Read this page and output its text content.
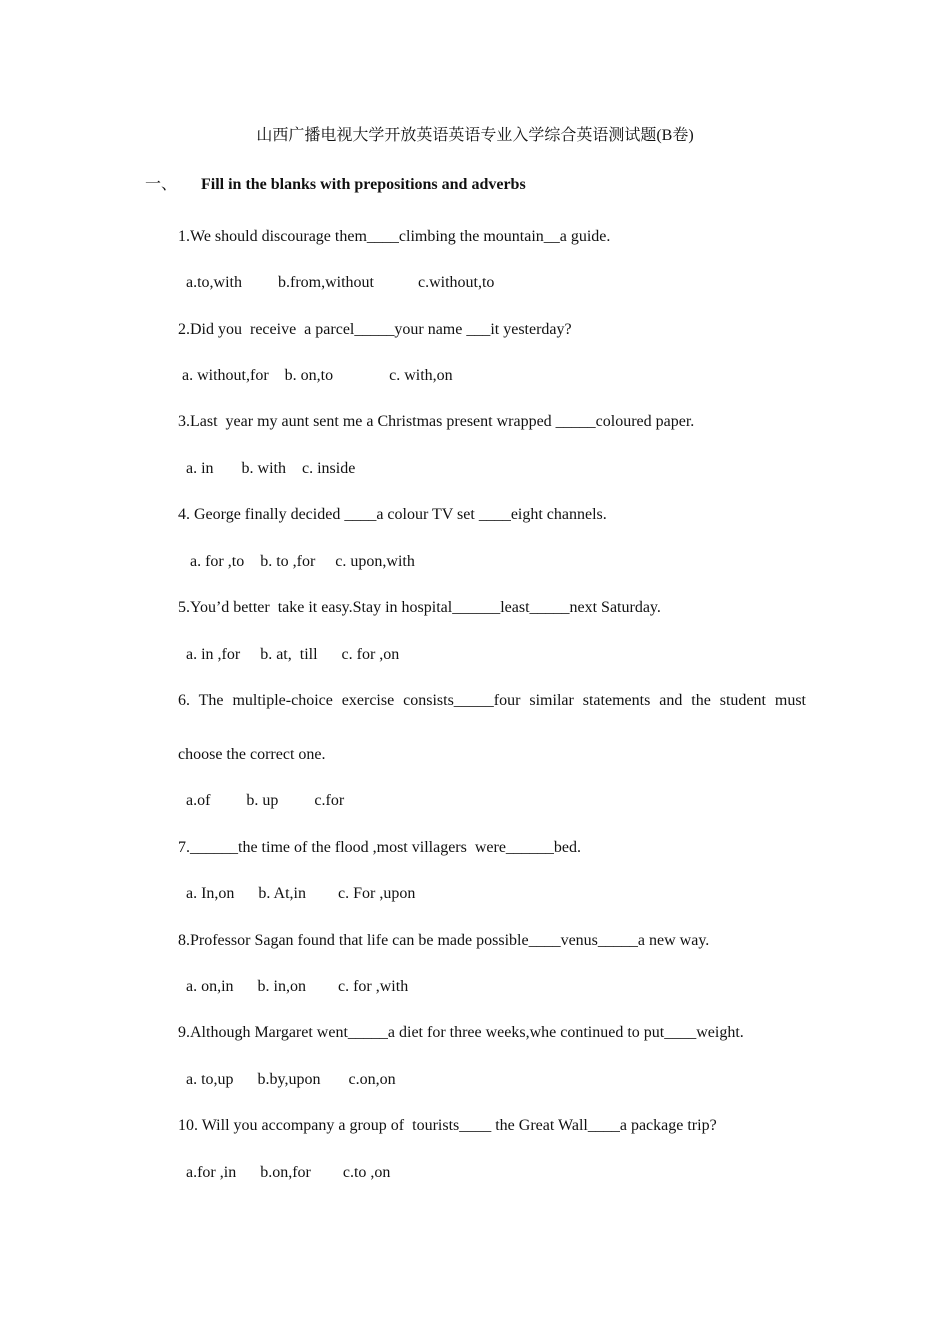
山西广播电视大学开放英语英语专业入学综合英语测试题(B卷)
一、 Fill in the blanks with prepositions and adverbs
1.We should discourage them____climbing the mountain__a guide.
a.to,with         b.from,without           c.without,to
2.Did you  receive  a parcel_____your name ___it yesterday?
a. without,for    b. on,to              c. with,on
3.Last  year my aunt sent me a Christmas present wrapped _____coloured paper.
a. in       b. with    c. inside
4. George finally decided ____a colour TV set ____eight channels.
a. for ,to    b. to ,for     c. upon,with
5.You’d better  take it easy.Stay in hospital______least_____next Saturday.
a. in ,for     b. at,  till      c. for ,on
6. The multiple-choice exercise consists_____four similar statements and the student must
choose the correct one.
a.of         b. up         c.for
7.______the time of the flood ,most villagers  were______bed.
a. In,on      b. At,in        c. For ,upon
8.Professor Sagan found that life can be made possible____venus_____a new way.
a. on,in      b. in,on        c. for ,with
9.Although Margaret went_____a diet for three weeks,whe continued to put____weight.
a. to,up      b.by,upon       c.on,on
10. Will you accompany a group of  tourists____ the Great Wall____a package trip?
a.for ,in      b.on,for        c.to ,on
